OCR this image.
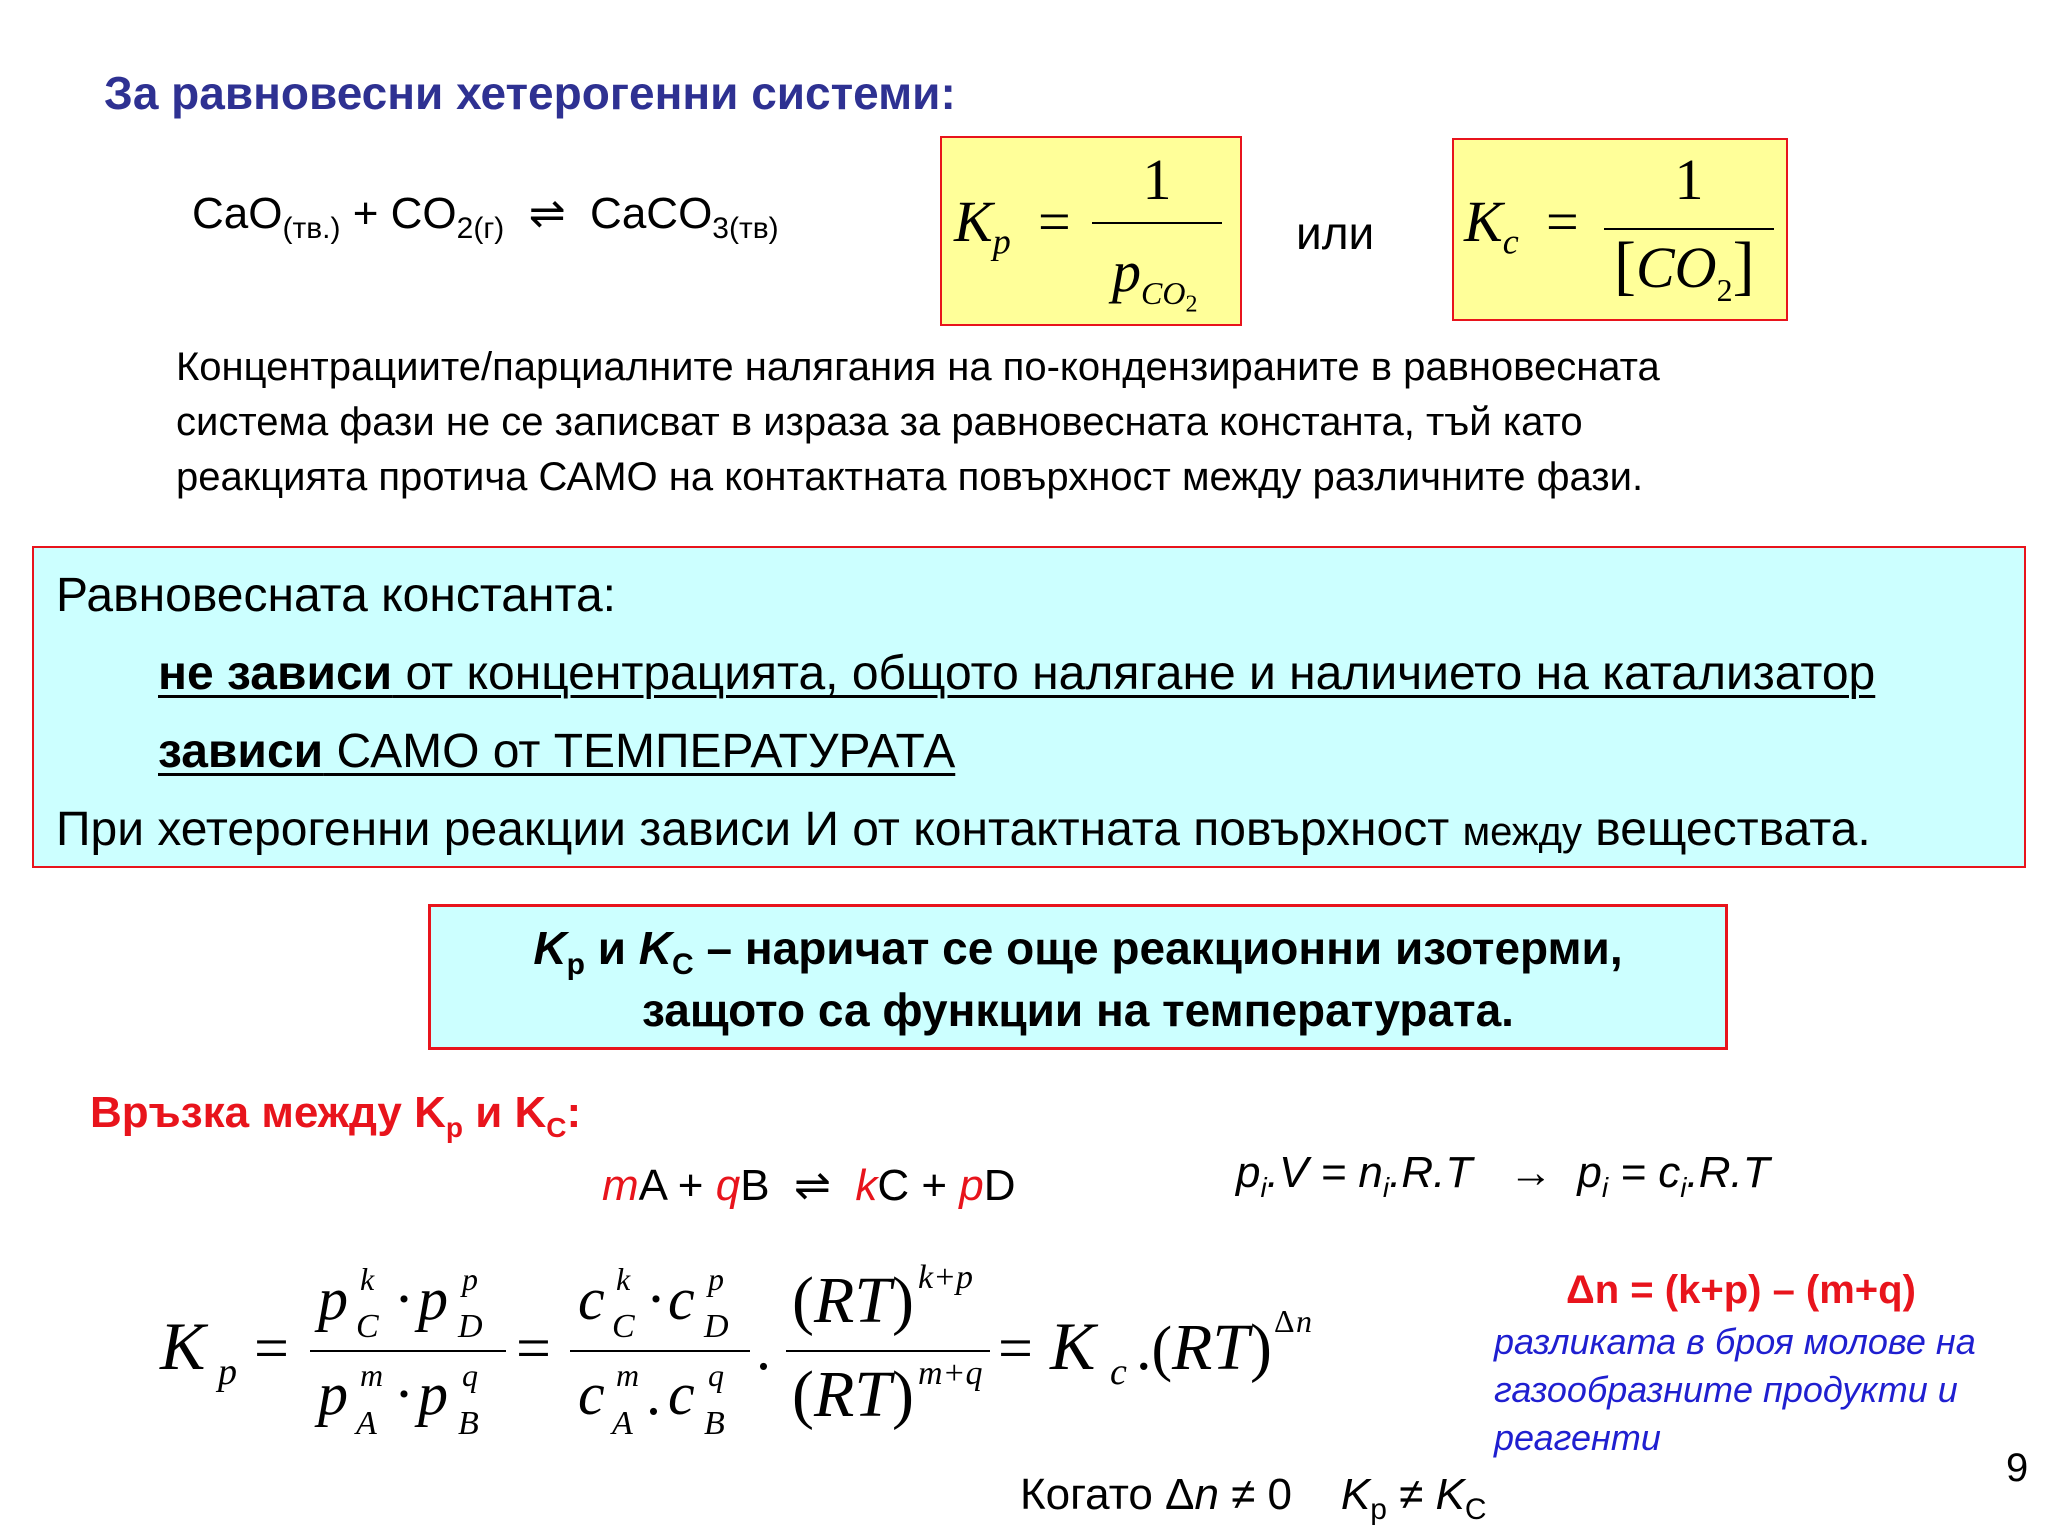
За равновесни хетерогенни системи:
$CaO_{(тв.)} + CO_{2(г)}$ ⇌ CaCO$_{3(тв)}$	$K_p$ =
1
$p_{CO_2}$
или $K_c$ =
1
$[CO_2]$
Концентрациите/парциалните налягания на по-кондензираните в равновесната
система фази не се записват в израза за равновесната константа, тъй като
реакцията протича САМО на контактната повърхност между различните фази.
Равновесната константа:
не зависи от концентрацията, общото налягане и наличието на катализатор
зависи САМО от ТЕМПЕРАТУРАТА
При хетерогенни реакции зависи И от контактната повърхност между веществата.
$K_p$ и $K_C$ – наричат се още реакционни изотерми,
защото са функции на температурата.
Връзка между $K_p$ и $K_C$:
mA + qB  ⇌  kC + pD	$p_i.V = n_i.R.T \to p_i = c_i.R.T$
K p =
p k
C · p p
D
p m
A · p q
B
=
c k
C · c p
D
c m
A . c q
B
.
( RT ) k+p
( RT ) m+q = K c .( RT ) Δ n
Δn = (k+p) – (m+q)
разликата в броя молове на
газообразните продукти и
реагенти
Когато Δn ≠ 0    $K_p \ne K_C$
9
